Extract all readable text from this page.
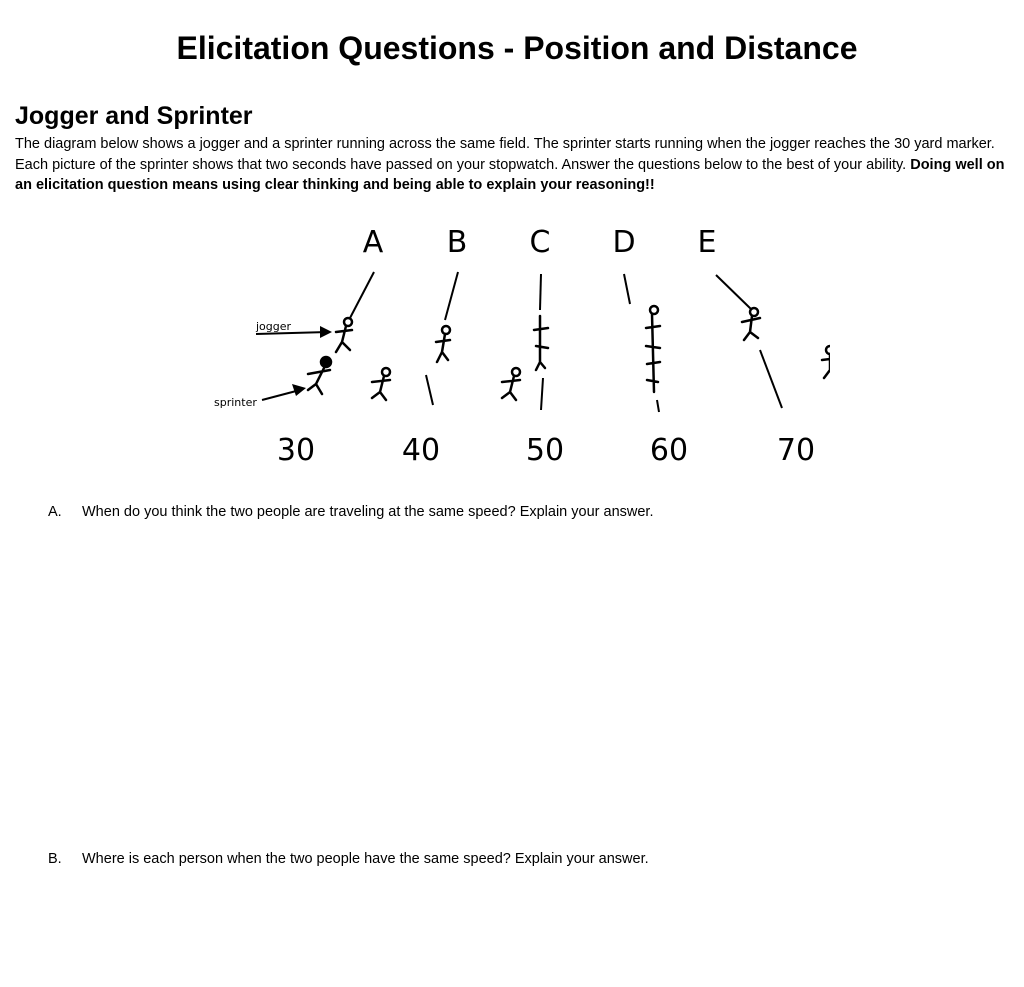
Elicitation Questions - Position and Distance
Jogger and Sprinter
The diagram below shows a jogger and a sprinter running across the same field. The sprinter starts running when the jogger reaches the 30 yard marker. Each picture of the sprinter shows that two seconds have passed on your stopwatch. Answer the questions below to the best of your ability. Doing well on an elicitation question means using clear thinking and being able to explain your reasoning!!
A B C D E
jogger
sprinter
30	40	50	60	70
A. When do you think the two people are traveling at the same speed? Explain your answer.
B. Where is each person when the two people have the same speed? Explain your answer.
